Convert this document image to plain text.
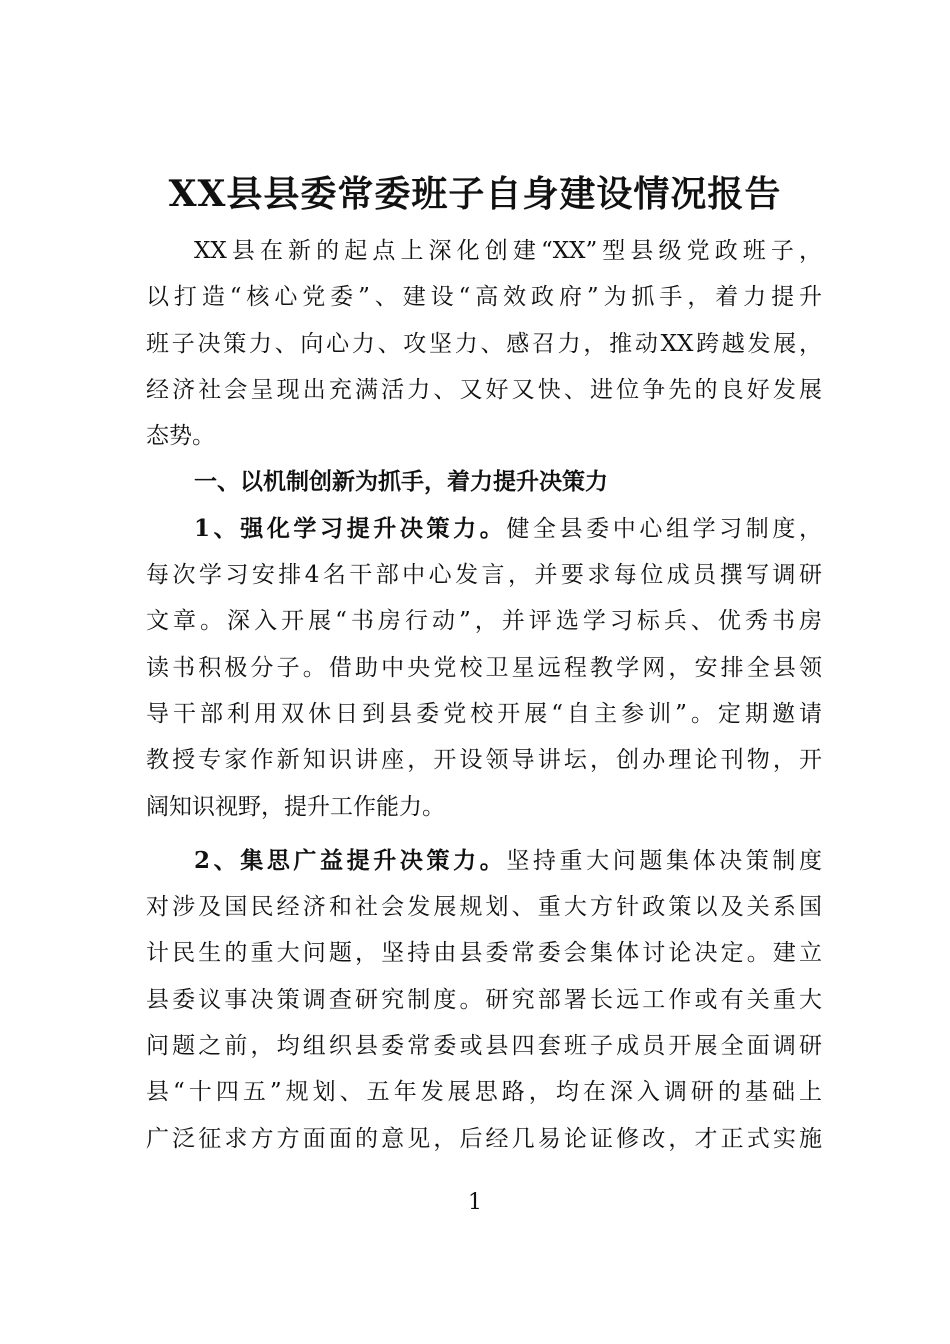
XX县县委常委班子自身建设情况报告
XX县在新的起点上深化创建“XX”型县级党政班子，
以打造“核心党委”、建设“高效政府”为抓手，着力提升
班子决策力、向心力、攻坚力、感召力，推动XX跨越发展，
经济社会呈现出充满活力、又好又快、进位争先的良好发展
态势。
一、以机制创新为抓手，着力提升决策力
1、强化学习提升决策力。健全县委中心组学习制度，
每次学习安排4名干部中心发言，并要求每位成员撰写调研
文章。深入开展“书房行动”，并评选学习标兵、优秀书房
读书积极分子。借助中央党校卫星远程教学网，安排全县领
导干部利用双休日到县委党校开展“自主参训”。定期邀请
教授专家作新知识讲座，开设领导讲坛，创办理论刊物，开
阔知识视野，提升工作能力。
2、集思广益提升决策力。坚持重大问题集体决策制度
对涉及国民经济和社会发展规划、重大方针政策以及关系国
计民生的重大问题，坚持由县委常委会集体讨论决定。建立
县委议事决策调查研究制度。研究部署长远工作或有关重大
问题之前，均组织县委常委或县四套班子成员开展全面调研
县“十四五”规划、五年发展思路，均在深入调研的基础上
广泛征求方方面面的意见，后经几易论证修改，才正式实施
1
